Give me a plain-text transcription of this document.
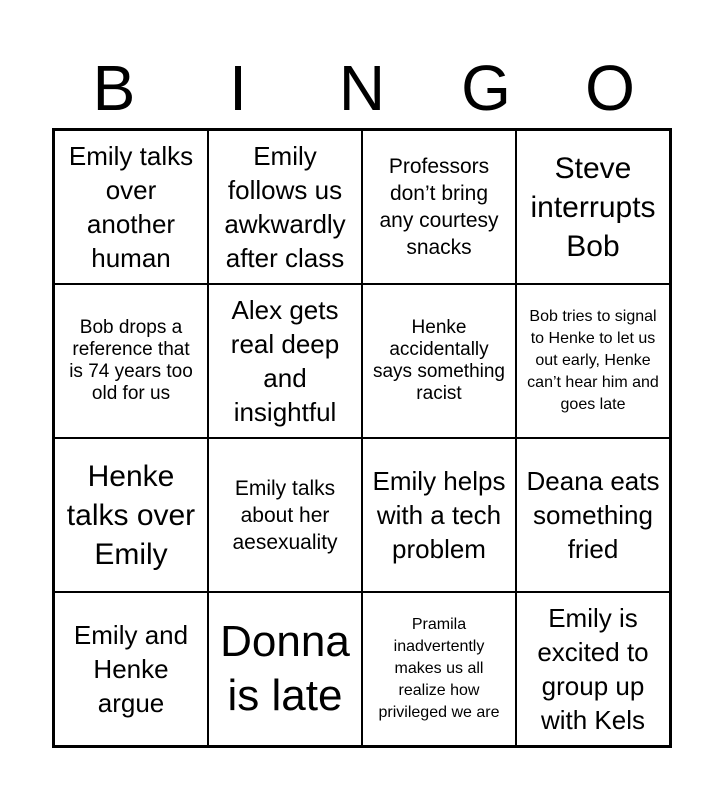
B	I	N	G	O
Emily talks over another human
Emily follows us awkwardly after class
Professors don’t bring any courtesy snacks
Steve interrupts Bob
Bob drops a reference that is 74 years too old for us
Alex gets real deep and insightful
Henke accidentally says something racist
Bob tries to signal to Henke to let us out early, Henke can’t hear him and goes late
Henke talks over Emily
Emily talks about her aesexuality
Emily helps with a tech problem
Deana eats something fried
Emily and Henke argue
Donna is late
Pramila inadvertently makes us all realize how privileged we are
Emily is excited to group up with Kels
